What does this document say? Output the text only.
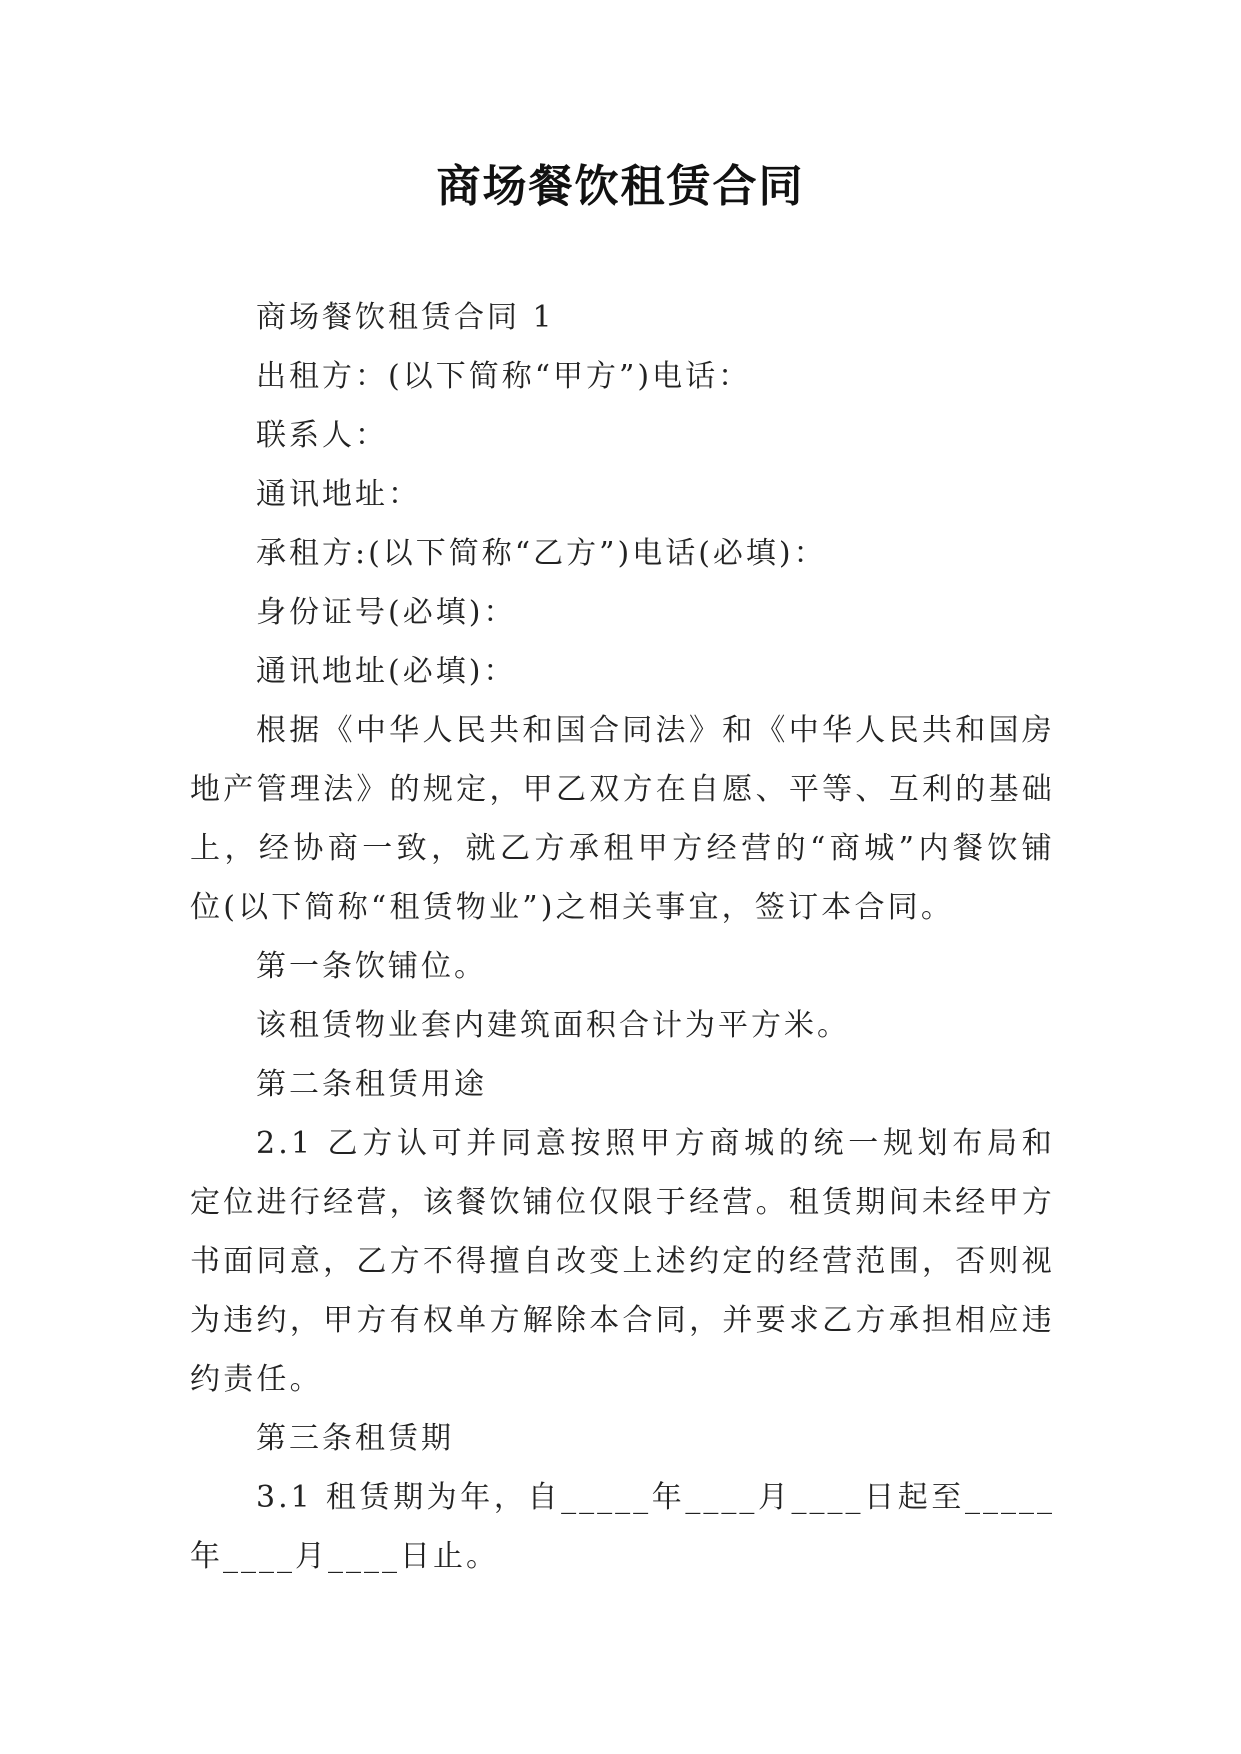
商场餐饮租赁合同

商场餐饮租赁合同 1

出租方：(以下简称“甲方”)电话：

联系人：

通讯地址：

承租方:(以下简称“乙方”)电话(必填)：

身份证号(必填)：

通讯地址(必填)：

根据《中华人民共和国合同法》和《中华人民共和国房地产管理法》的规定，甲乙双方在自愿、平等、互利的基础上，经协商一致，就乙方承租甲方经营的“商城”内餐饮铺位(以下简称“租赁物业”)之相关事宜，签订本合同。

第一条饮铺位。

该租赁物业套内建筑面积合计为平方米。

第二条租赁用途

2.1 乙方认可并同意按照甲方商城的统一规划布局和定位进行经营，该餐饮铺位仅限于经营。租赁期间未经甲方书面同意，乙方不得擅自改变上述约定的经营范围，否则视为违约，甲方有权单方解除本合同，并要求乙方承担相应违约责任。

第三条租赁期

3.1 租赁期为年，自_____年____月____日起至_____年____月____日止。
